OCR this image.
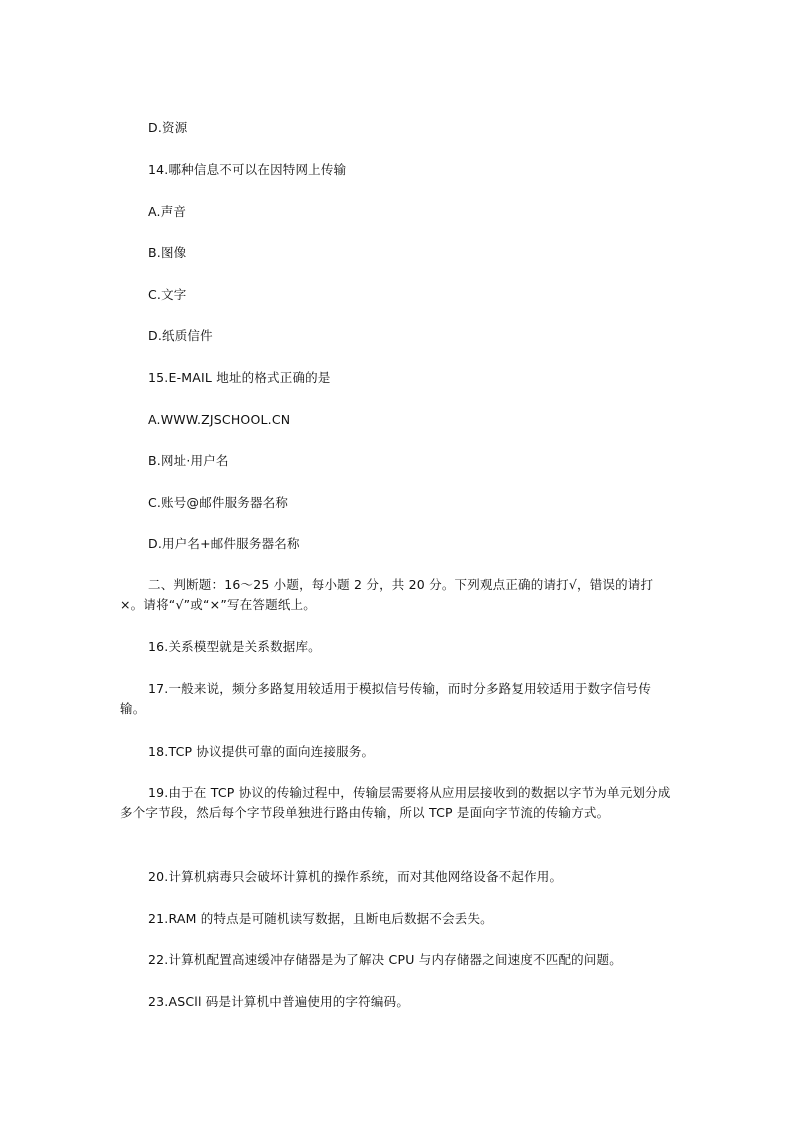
D.资源

14.哪种信息不可以在因特网上传输

A.声音

B.图像

C.文字

D.纸质信件

15.E-MAIL 地址的格式正确的是

A.WWW.ZJSCHOOL.CN

B.网址·用户名

C.账号@邮件服务器名称

D.用户名+邮件服务器名称

二、判断题：16～25 小题，每小题 2 分，共 20 分。下列观点正确的请打√，错误的请打×。请将“√”或“×”写在答题纸上。

16.关系模型就是关系数据库。

17.一般来说，频分多路复用较适用于模拟信号传输，而时分多路复用较适用于数字信号传输。

18.TCP 协议提供可靠的面向连接服务。

19.由于在 TCP 协议的传输过程中，传输层需要将从应用层接收到的数据以字节为单元划分成多个字节段，然后每个字节段单独进行路由传输，所以 TCP 是面向字节流的传输方式。

20.计算机病毒只会破坏计算机的操作系统，而对其他网络设备不起作用。

21.RAM 的特点是可随机读写数据，且断电后数据不会丢失。

22.计算机配置高速缓冲存储器是为了解决 CPU 与内存储器之间速度不匹配的问题。

23.ASCll 码是计算机中普遍使用的字符编码。
